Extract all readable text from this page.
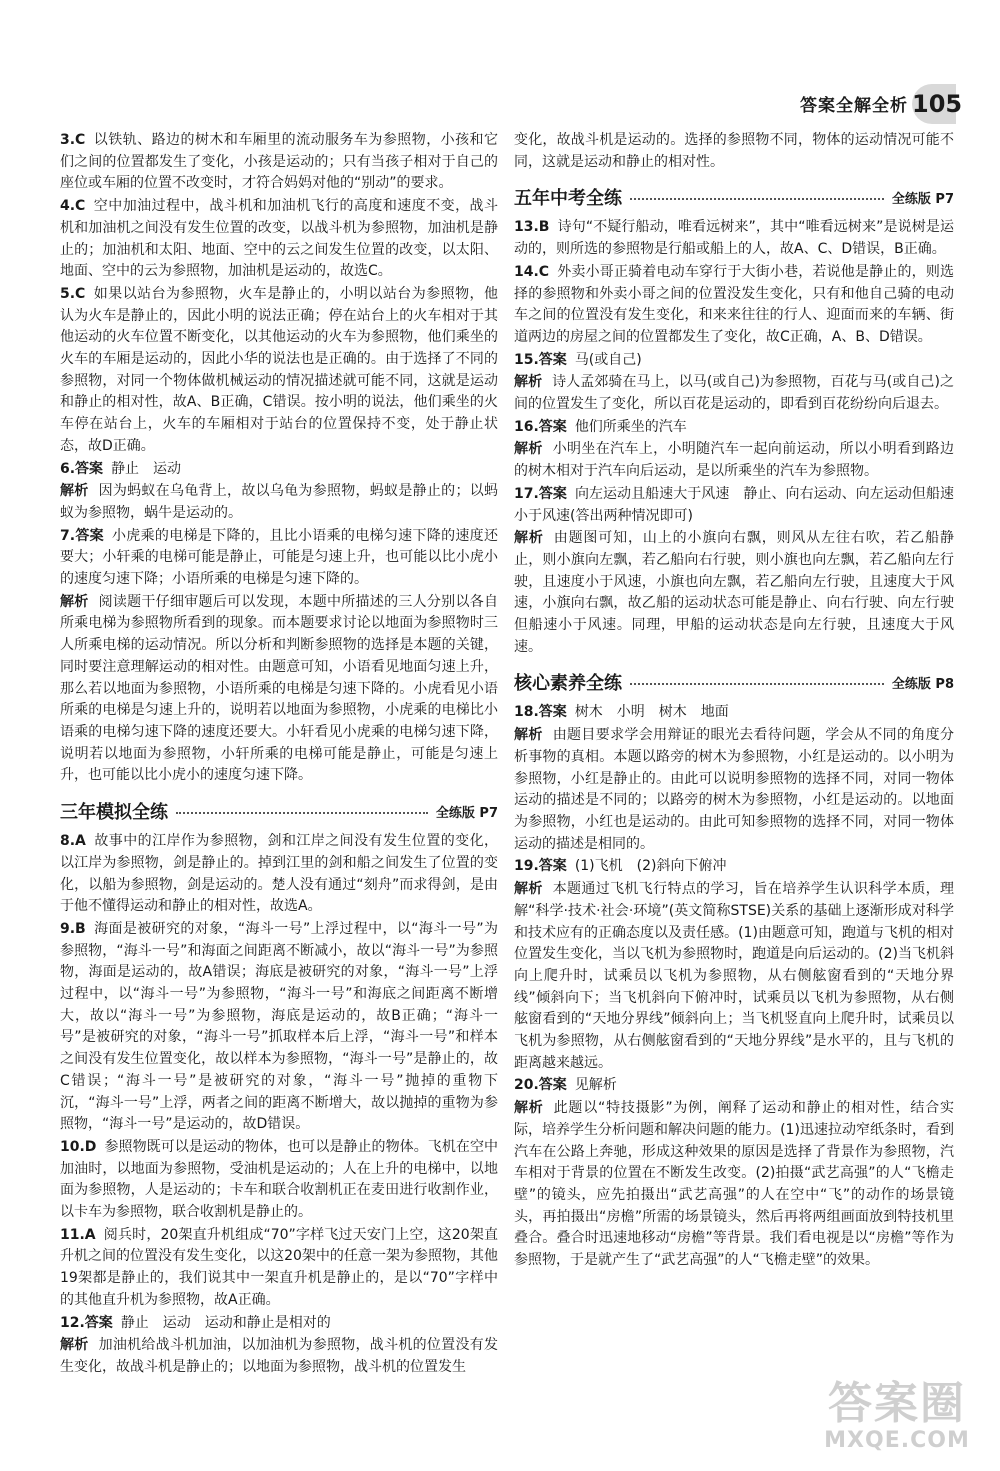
答案全解全析 105

3.C 以铁轨、路边的树木和车厢里的流动服务车为参照物，小孩和它们之间的位置都发生了变化，小孩是运动的；只有当孩子相对于自己的座位或车厢的位置不改变时，才符合妈妈对他的“别动”的要求。

4.C 空中加油过程中，战斗机和加油机飞行的高度和速度不变，战斗机和加油机之间没有发生位置的改变，以战斗机为参照物，加油机是静止的；加油机和太阳、地面、空中的云之间发生位置的改变，以太阳、地面、空中的云为参照物，加油机是运动的，故选C。

5.C 如果以站台为参照物，火车是静止的，小明以站台为参照物，他认为火车是静止的，因此小明的说法正确；停在站台上的火车相对于其他运动的火车位置不断变化，以其他运动的火车为参照物，他们乘坐的火车的车厢是运动的，因此小华的说法也是正确的。由于选择了不同的参照物，对同一个物体做机械运动的情况描述就可能不同，这就是运动和静止的相对性，故A、B正确，C错误。按小明的说法，他们乘坐的火车停在站台上，火车的车厢相对于站台的位置保持不变，处于静止状态，故D正确。

6.答案 静止　运动

解析 因为蚂蚁在乌龟背上，故以乌龟为参照物，蚂蚁是静止的；以蚂蚁为参照物，蜗牛是运动的。

7.答案 小虎乘的电梯是下降的，且比小语乘的电梯匀速下降的速度还要大；小轩乘的电梯可能是静止，可能是匀速上升，也可能以比小虎小的速度匀速下降；小语所乘的电梯是匀速下降的。

解析 阅读题干仔细审题后可以发现，本题中所描述的三人分别以各自所乘电梯为参照物所看到的现象。而本题要求讨论以地面为参照物时三人所乘电梯的运动情况。所以分析和判断参照物的选择是本题的关键，同时要注意理解运动的相对性。由题意可知，小语看见地面匀速上升，那么若以地面为参照物，小语所乘的电梯是匀速下降的。小虎看见小语所乘的电梯是匀速上升的，说明若以地面为参照物，小虎乘的电梯比小语乘的电梯匀速下降的速度还要大。小轩看见小虎乘的电梯匀速下降，说明若以地面为参照物，小轩所乘的电梯可能是静止，可能是匀速上升，也可能以比小虎小的速度匀速下降。

三年模拟全练	全练版 P7

8.A 故事中的江岸作为参照物，剑和江岸之间没有发生位置的变化，以江岸为参照物，剑是静止的。掉到江里的剑和船之间发生了位置的变化，以船为参照物，剑是运动的。楚人没有通过“刻舟”而求得剑，是由于他不懂得运动和静止的相对性，故选A。

9.B 海面是被研究的对象，“海斗一号”上浮过程中，以“海斗一号”为参照物，“海斗一号”和海面之间距离不断减小，故以“海斗一号”为参照物，海面是运动的，故A错误；海底是被研究的对象，“海斗一号”上浮过程中，以“海斗一号”为参照物，“海斗一号”和海底之间距离不断增大，故以“海斗一号”为参照物，海底是运动的，故B正确；“海斗一号”是被研究的对象，“海斗一号”抓取样本后上浮，“海斗一号”和样本之间没有发生位置变化，故以样本为参照物，“海斗一号”是静止的，故C错误；“海斗一号”是被研究的对象，“海斗一号”抛掉的重物下沉，“海斗一号”上浮，两者之间的距离不断增大，故以抛掉的重物为参照物，“海斗一号”是运动的，故D错误。

10.D 参照物既可以是运动的物体，也可以是静止的物体。飞机在空中加油时，以地面为参照物，受油机是运动的；人在上升的电梯中，以地面为参照物，人是运动的；卡车和联合收割机正在麦田进行收割作业，以卡车为参照物，联合收割机是静止的。

11.A 阅兵时，20架直升机组成“70”字样飞过天安门上空，这20架直升机之间的位置没有发生变化，以这20架中的任意一架为参照物，其他19架都是静止的，我们说其中一架直升机是静止的，是以“70”字样中的其他直升机为参照物，故A正确。

12.答案 静止　运动　运动和静止是相对的

解析 加油机给战斗机加油，以加油机为参照物，战斗机的位置没有发生变化，故战斗机是静止的；以地面为参照物，战斗机的位置发生

变化，故战斗机是运动的。选择的参照物不同，物体的运动情况可能不同，这就是运动和静止的相对性。

五年中考全练	全练版 P7

13.B 诗句“不疑行船动，唯看远树来”，其中“唯看远树来”是说树是运动的，则所选的参照物是行船或船上的人，故A、C、D错误，B正确。

14.C 外卖小哥正骑着电动车穿行于大街小巷，若说他是静止的，则选择的参照物和外卖小哥之间的位置没发生变化，只有和他自己骑的电动车之间的位置没有发生变化，和来来往往的行人、迎面而来的车辆、街道两边的房屋之间的位置都发生了变化，故C正确，A、B、D错误。

15.答案 马(或自己)

解析 诗人孟郊骑在马上，以马(或自己)为参照物，百花与马(或自己)之间的位置发生了变化，所以百花是运动的，即看到百花纷纷向后退去。

16.答案 他们所乘坐的汽车

解析 小明坐在汽车上，小明随汽车一起向前运动，所以小明看到路边的树木相对于汽车向后运动，是以所乘坐的汽车为参照物。

17.答案 向左运动且船速大于风速　静止、向右运动、向左运动但船速小于风速(答出两种情况即可)

解析 由题图可知，山上的小旗向右飘，则风从左往右吹，若乙船静止，则小旗向左飘，若乙船向右行驶，则小旗也向左飘，若乙船向左行驶，且速度小于风速，小旗也向左飘，若乙船向左行驶，且速度大于风速，小旗向右飘，故乙船的运动状态可能是静止、向右行驶、向左行驶但船速小于风速。同理，甲船的运动状态是向左行驶，且速度大于风速。

核心素养全练	全练版 P8

18.答案 树木　小明　树木　地面

解析 由题目要求学会用辩证的眼光去看待问题，学会从不同的角度分析事物的真相。本题以路旁的树木为参照物，小红是运动的。以小明为参照物，小红是静止的。由此可以说明参照物的选择不同，对同一物体运动的描述是不同的；以路旁的树木为参照物，小红是运动的。以地面为参照物，小红也是运动的。由此可知参照物的选择不同，对同一物体运动的描述是相同的。

19.答案 (1)飞机　(2)斜向下俯冲

解析 本题通过飞机飞行特点的学习，旨在培养学生认识科学本质，理解“科学·技术·社会·环境”(英文简称STSE)关系的基础上逐渐形成对科学和技术应有的正确态度以及责任感。(1)由题意可知，跑道与飞机的相对位置发生变化，当以飞机为参照物时，跑道是向后运动的。(2)当飞机斜向上爬升时，试乘员以飞机为参照物，从右侧舷窗看到的“天地分界线”倾斜向下；当飞机斜向下俯冲时，试乘员以飞机为参照物，从右侧舷窗看到的“天地分界线”倾斜向上；当飞机竖直向上爬升时，试乘员以飞机为参照物，从右侧舷窗看到的“天地分界线”是水平的，且与飞机的距离越来越远。

20.答案 见解析

解析 此题以“特技摄影”为例，阐释了运动和静止的相对性，结合实际，培养学生分析问题和解决问题的能力。(1)迅速拉动窄纸条时，看到汽车在公路上奔驰，形成这种效果的原因是选择了背景作为参照物，汽车相对于背景的位置在不断发生改变。(2)拍摄“武艺高强”的人“飞檐走壁”的镜头，应先拍摄出“武艺高强”的人在空中“飞”的动作的场景镜头，再拍摄出“房檐”所需的场景镜头，然后再将两组画面放到特技机里叠合。叠合时迅速地移动“房檐”等背景。我们看电视是以“房檐”等作为参照物，于是就产生了“武艺高强”的人“飞檐走壁”的效果。

答案圈
MXQE.COM
